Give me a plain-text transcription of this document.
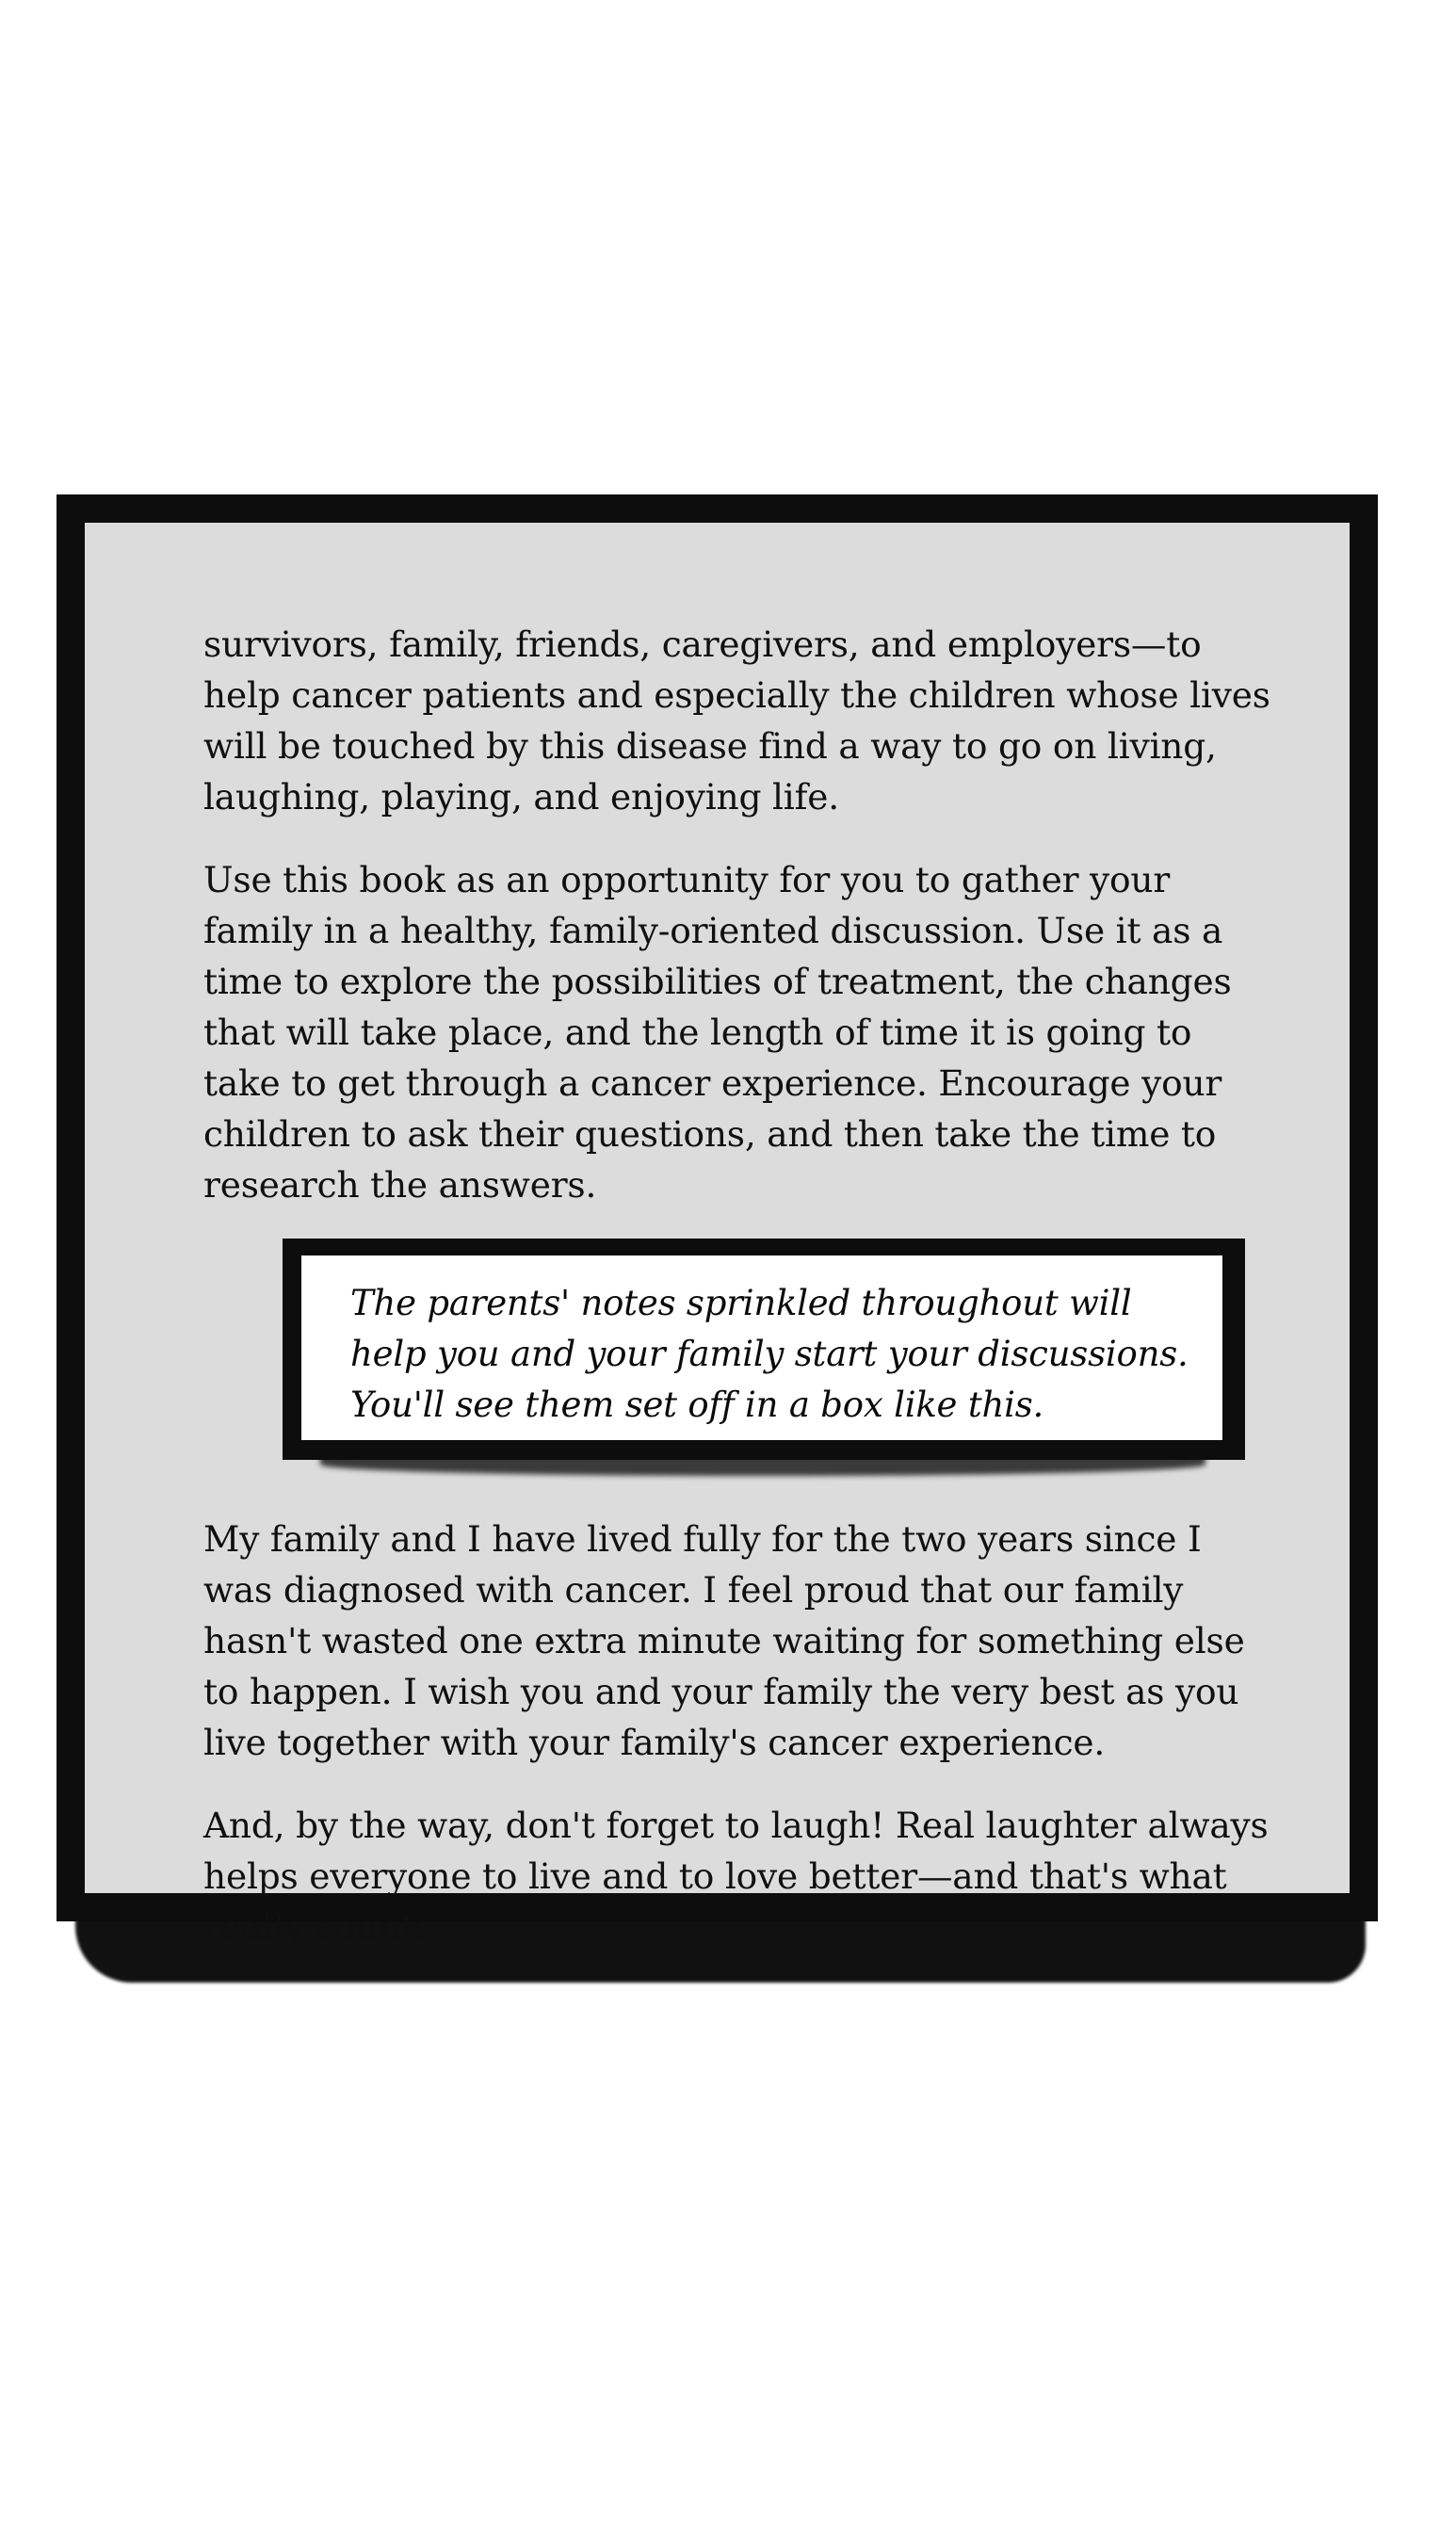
survivors, family, friends, caregivers, and employers—to help cancer patients and especially the children whose lives will be touched by this disease find a way to go on living, laughing, playing, and enjoying life.

Use this book as an opportunity for you to gather your family in a healthy, family-oriented discussion. Use it as a time to explore the possibilities of treatment, the changes that will take place, and the length of time it is going to take to get through a cancer experience. Encourage your children to ask their questions, and then take the time to research the answers.

The parents' notes sprinkled throughout will
help you and your family start your discussions.
You'll see them set off in a box like this.

My family and I have lived fully for the two years since I was diagnosed with cancer. I feel proud that our family hasn't wasted one extra minute waiting for something else to happen. I wish you and your family the very best as you live together with your family's cancer experience.

And, by the way, don't forget to laugh! Real laughter always helps everyone to live and to love better—and that's what really counts.
